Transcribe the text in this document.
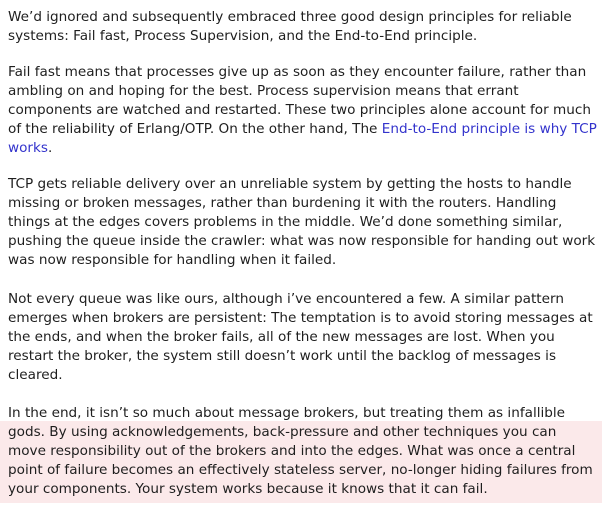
We’d ignored and subsequently embraced three good design principles for reliable systems: Fail fast, Process Supervision, and the End-to-End principle.

Fail fast means that processes give up as soon as they encounter failure, rather than ambling on and hoping for the best. Process supervision means that errant components are watched and restarted. These two principles alone account for much of the reliability of Erlang/OTP. On the other hand, The End-to-End principle is why TCP works.

TCP gets reliable delivery over an unreliable system by getting the hosts to handle missing or broken messages, rather than burdening it with the routers. Handling things at the edges covers problems in the middle. We’d done something similar, pushing the queue inside the crawler: what was now responsible for handing out work was now responsible for handling when it failed.

Not every queue was like ours, although i’ve encountered a few. A similar pattern emerges when brokers are persistent: The temptation is to avoid storing messages at the ends, and when the broker fails, all of the new messages are lost. When you restart the broker, the system still doesn’t work until the backlog of messages is cleared.

In the end, it isn’t so much about message brokers, but treating them as infallible gods. By using acknowledgements, back-pressure and other techniques you can move responsibility out of the brokers and into the edges. What was once a central point of failure becomes an effectively stateless server, no-longer hiding failures from your components. Your system works because it knows that it can fail.
